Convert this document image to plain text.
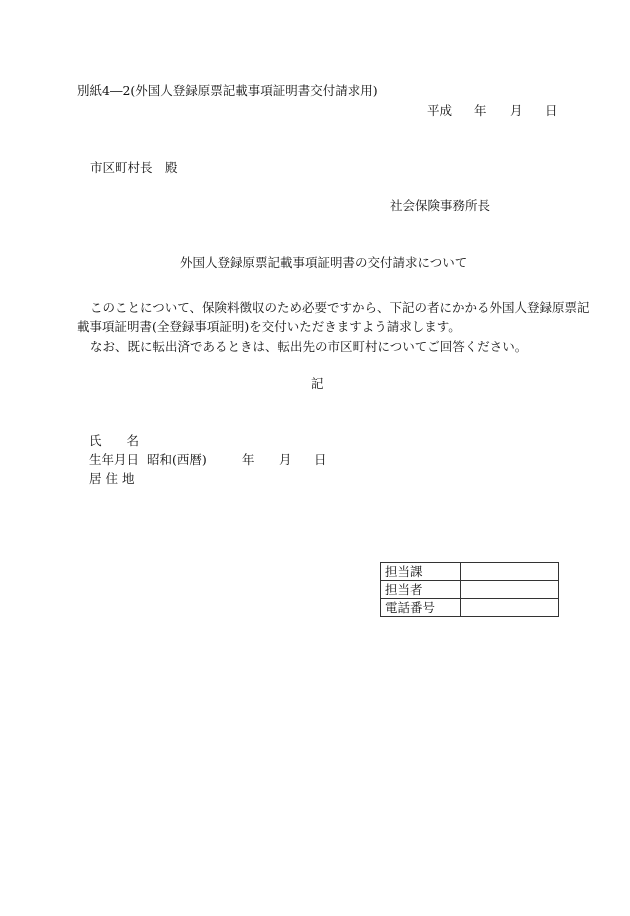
別紙4―2(外国人登録原票記載事項証明書交付請求用)
平成 年 月 日
市区町村長　殿
社会保険事務所長
外国人登録原票記載事項証明書の交付請求について
このことについて、保険料徴収のため必要ですから、下記の者にかかる外国人登録原票記
載事項証明書(全登録事項証明)を交付いただきますよう請求します。
なお、既に転出済であるときは、転出先の市区町村についてご回答ください。
記
氏　　名
生年月日 昭和(西暦)	年 月 日
居 住 地
担当課	
担当者	
電話番号	
